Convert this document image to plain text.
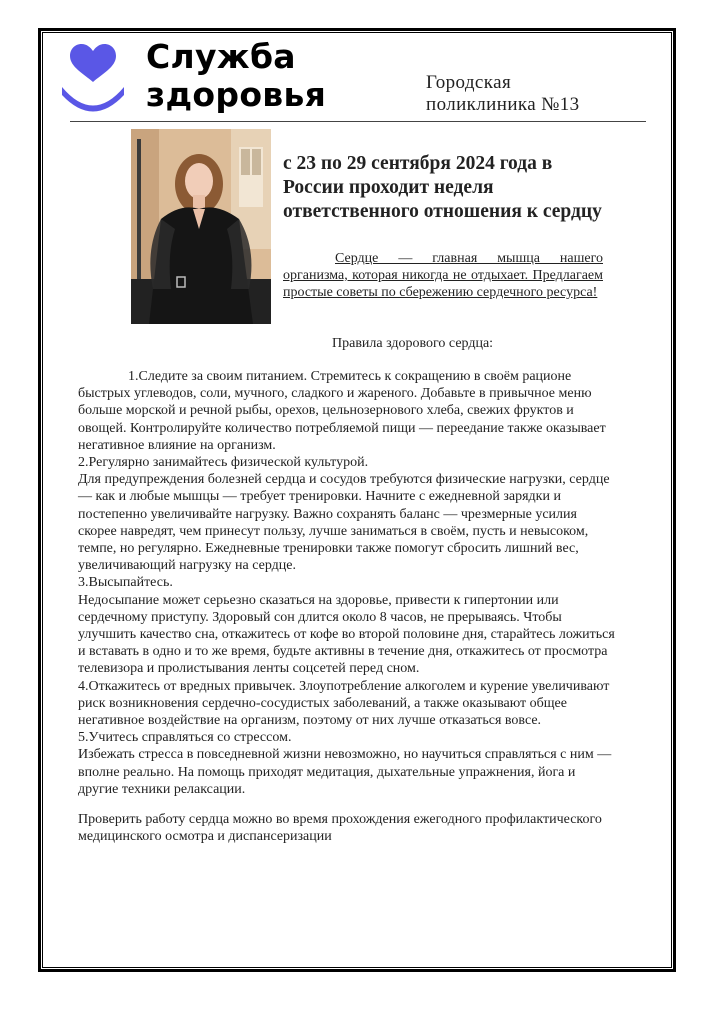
Служба
здоровья	Городская
поликлиника №13
с 23 по 29 сентября 2024 года в России проходит неделя ответственного отношения к сердцу

Сердце — главная мышца нашего организма, которая никогда не отдыхает. Предлагаем простые советы по сбережению сердечного ресурса!

Правила здорового сердца:

1.Следите за своим питанием. Стремитесь к сокращению в своём рационе быстрых углеводов, соли, мучного, сладкого и жареного. Добавьте в привычное меню больше морской и речной рыбы, орехов, цельнозернового хлеба, свежих фруктов и овощей. Контролируйте количество потребляемой пищи — переедание также оказывает негативное влияние на организм.

2.Регулярно занимайтесь физической культурой.

Для предупреждения болезней сердца и сосудов требуются физические нагрузки, сердце — как и любые мышцы — требует тренировки. Начните с ежедневной зарядки и постепенно увеличивайте нагрузку. Важно сохранять баланс — чрезмерные усилия скорее навредят, чем принесут пользу, лучше заниматься в своём, пусть и невысоком, темпе, но регулярно. Ежедневные тренировки также помогут сбросить лишний вес, увеличивающий нагрузку на сердце.

3.Высыпайтесь.

Недосыпание может серьезно сказаться на здоровье, привести к гипертонии или сердечному приступу. Здоровый сон длится около 8 часов, не прерываясь. Чтобы улучшить качество сна, откажитесь от кофе во второй половине дня, старайтесь ложиться и вставать в одно и то же время, будьте активны в течение дня, откажитесь от просмотра телевизора и пролистывания ленты соцсетей перед сном.

4.Откажитесь от вредных привычек. Злоупотребление алкоголем и курение увеличивают риск возникновения сердечно-сосудистых заболеваний, а также оказывают общее негативное воздействие на организм, поэтому от них лучше отказаться вовсе.

5.Учитесь справляться со стрессом.

Избежать стресса в повседневной жизни невозможно, но научиться справляться с ним — вполне реально. На помощь приходят медитация, дыхательные упражнения, йога и другие техники релаксации.

Проверить работу сердца можно во время прохождения ежегодного профилактического медицинского осмотра и диспансеризации
